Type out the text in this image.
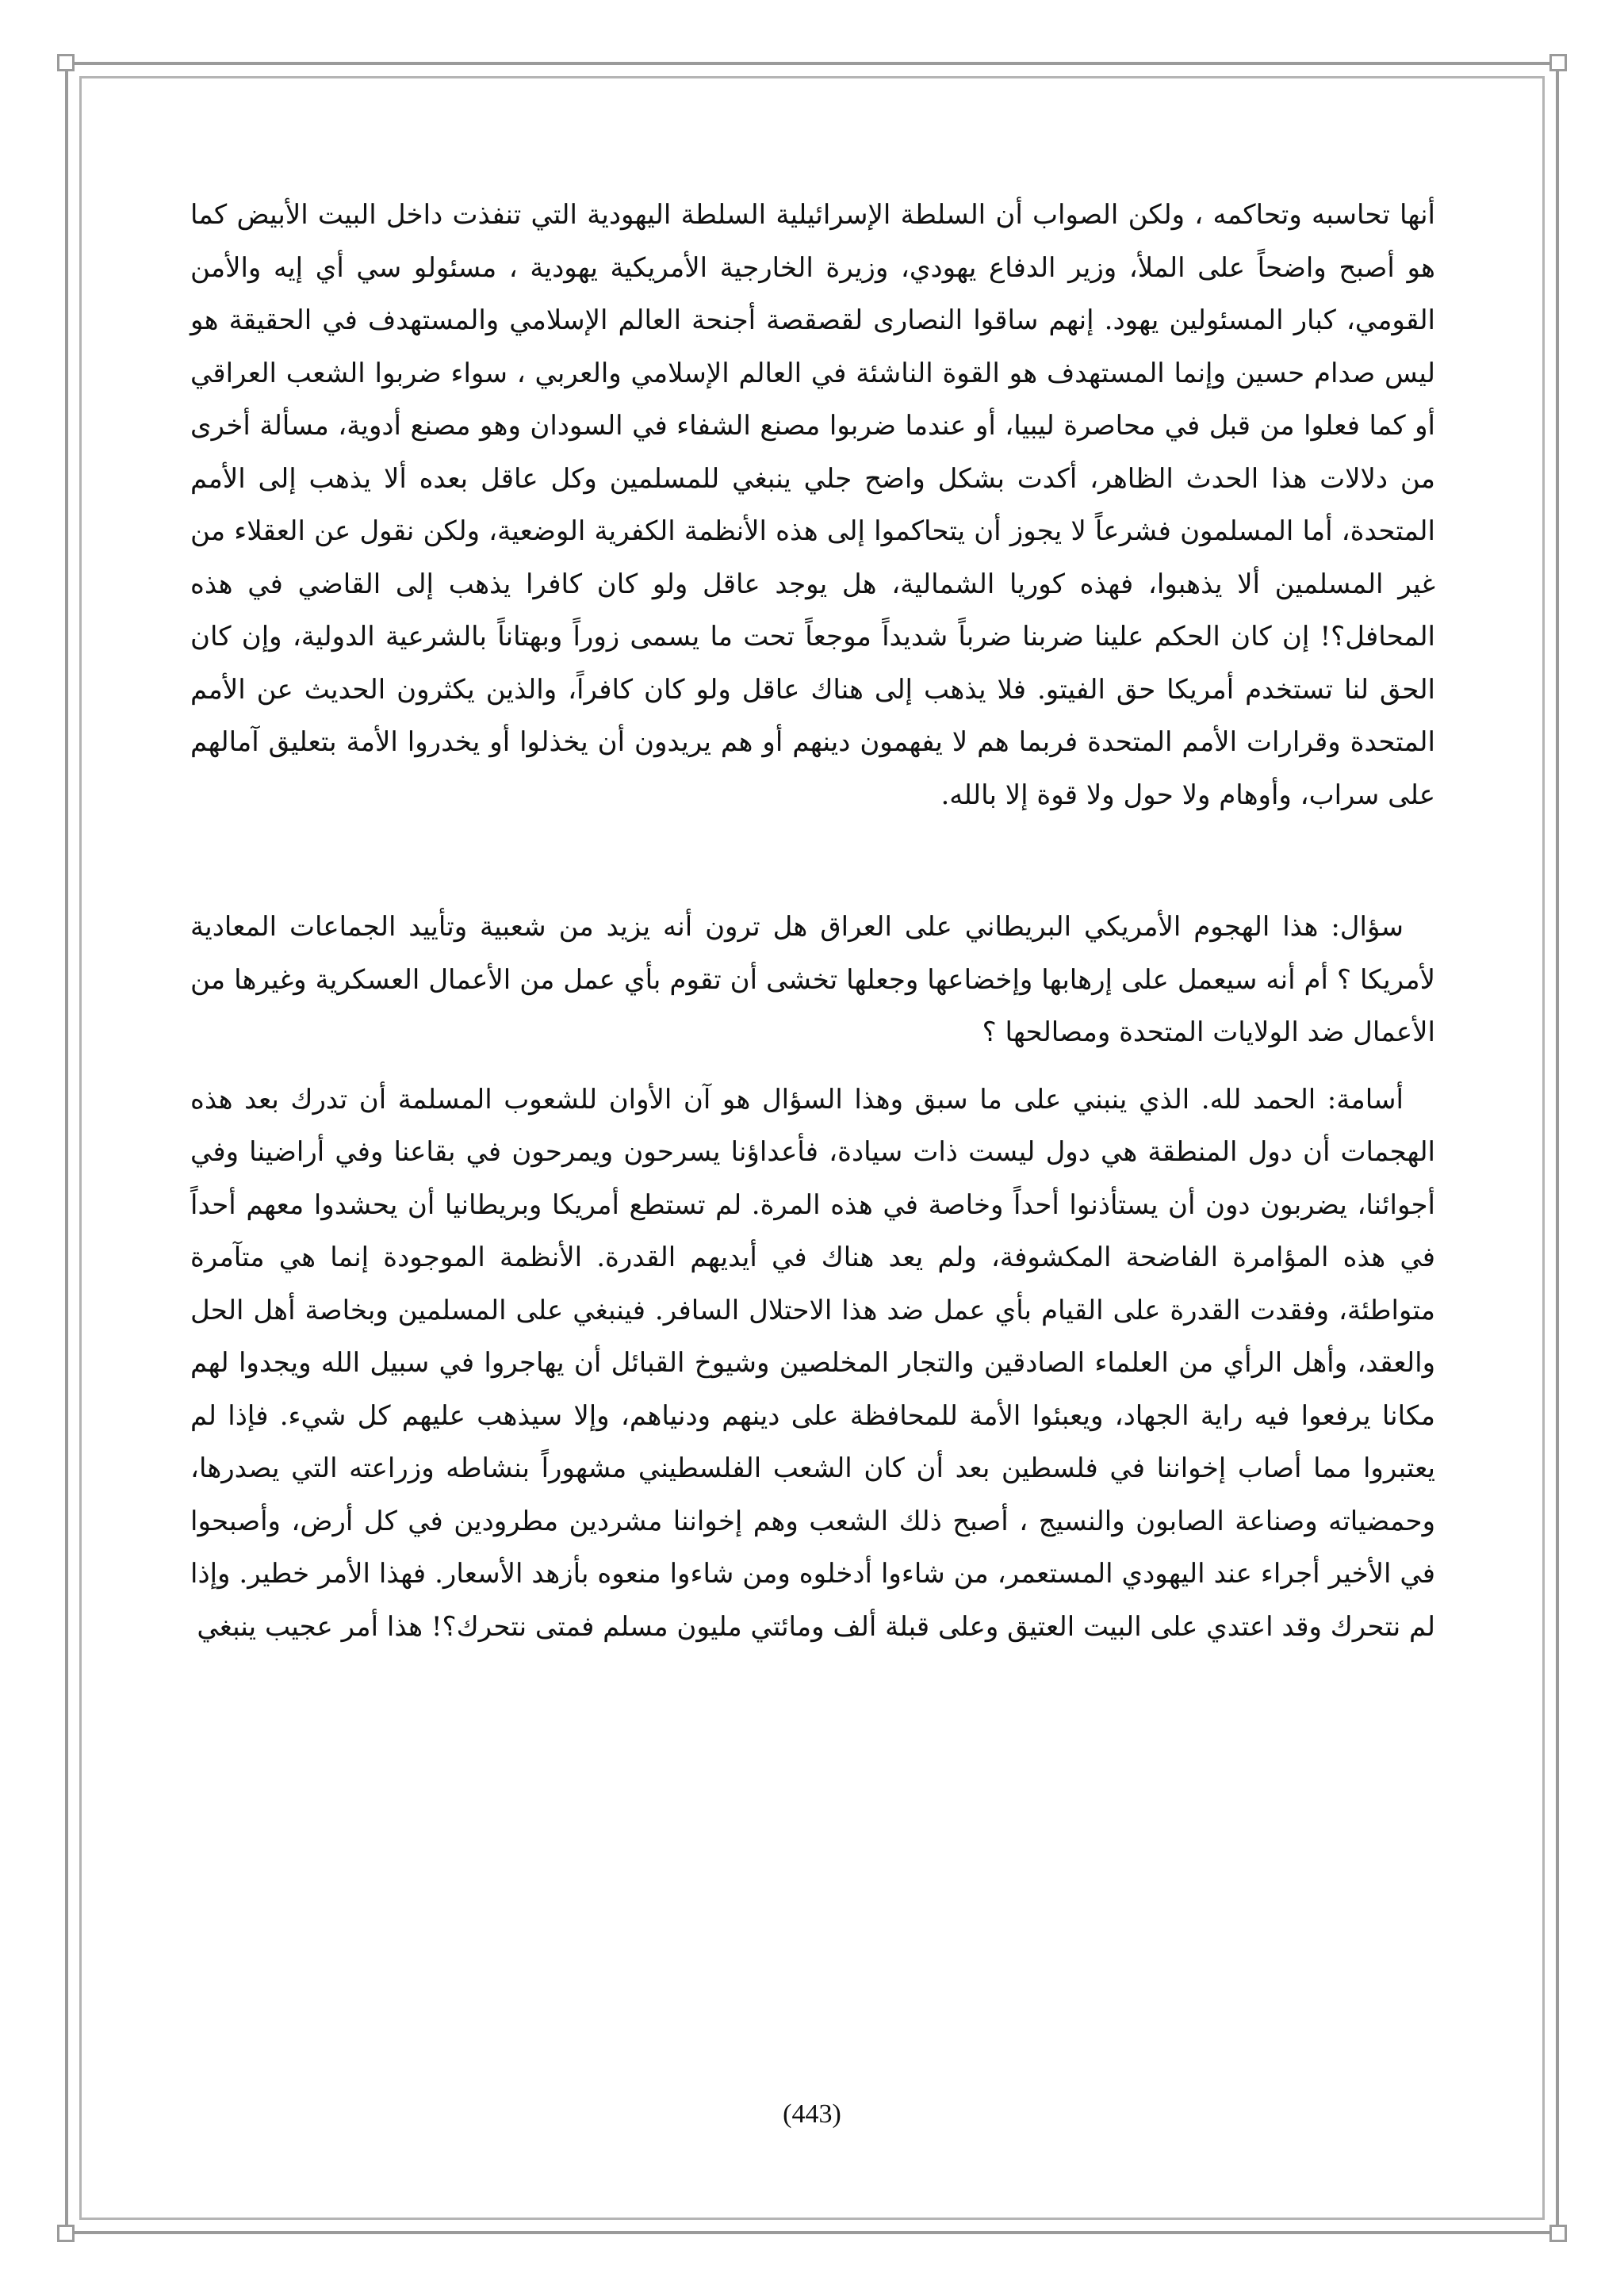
أنها تحاسبه وتحاكمه ، ولكن الصواب أن السلطة الإسرائيلية السلطة اليهودية التي تنفذت داخل البيت الأبيض كما هو أصبح واضحاً على الملأ، وزير الدفاع يهودي، وزيرة الخارجية الأمريكية يهودية ، مسئولو سي أي إيه والأمن القومي، كبار المسئولين يهود. إنهم ساقوا النصارى لقصقصة أجنحة العالم الإسلامي والمستهدف في الحقيقة هو ليس صدام حسين وإنما المستهدف هو القوة الناشئة في العالم الإسلامي والعربي ، سواء ضربوا الشعب العراقي أو كما فعلوا من قبل في محاصرة ليبيا، أو عندما ضربوا مصنع الشفاء في السودان وهو مصنع أدوية، مسألة أخرى من دلالات هذا الحدث الظاهر، أكدت بشكل واضح جلي ينبغي للمسلمين وكل عاقل بعده ألا يذهب إلى الأمم المتحدة، أما المسلمون فشرعاً لا يجوز أن يتحاكموا إلى هذه الأنظمة الكفرية الوضعية، ولكن نقول عن العقلاء من غير المسلمين ألا يذهبوا، فهذه كوريا الشمالية، هل يوجد عاقل ولو كان كافرا يذهب إلى القاضي في هذه المحافل؟! إن كان الحكم علينا ضربنا ضرباً شديداً موجعاً تحت ما يسمى زوراً وبهتاناً بالشرعية الدولية، وإن كان الحق لنا تستخدم أمريكا حق الفيتو. فلا يذهب إلى هناك عاقل ولو كان كافراً، والذين يكثرون الحديث عن الأمم المتحدة وقرارات الأمم المتحدة فربما هم لا يفهمون دينهم أو هم يريدون أن يخذلوا أو يخدروا الأمة بتعليق آمالهم على سراب، وأوهام ولا حول ولا قوة إلا بالله.

سؤال: هذا الهجوم الأمريكي البريطاني على العراق هل ترون أنه يزيد من شعبية وتأييد الجماعات المعادية لأمريكا ؟ أم أنه سيعمل على إرهابها وإخضاعها وجعلها تخشى أن تقوم بأي عمل من الأعمال العسكرية وغيرها من الأعمال ضد الولايات المتحدة ومصالحها ؟

أسامة: الحمد لله. الذي ينبني على ما سبق وهذا السؤال هو آن الأوان للشعوب المسلمة أن تدرك بعد هذه الهجمات أن دول المنطقة هي دول ليست ذات سيادة، فأعداؤنا يسرحون ويمرحون في بقاعنا وفي أراضينا وفي أجوائنا، يضربون دون أن يستأذنوا أحداً وخاصة في هذه المرة. لم تستطع أمريكا وبريطانيا أن يحشدوا معهم أحداً في هذه المؤامرة الفاضحة المكشوفة، ولم يعد هناك في أيديهم القدرة. الأنظمة الموجودة إنما هي متآمرة متواطئة، وفقدت القدرة على القيام بأي عمل ضد هذا الاحتلال السافر. فينبغي على المسلمين وبخاصة أهل الحل والعقد، وأهل الرأي من العلماء الصادقين والتجار المخلصين وشيوخ القبائل أن يهاجروا في سبيل الله ويجدوا لهم مكانا يرفعوا فيه راية الجهاد، ويعبئوا الأمة للمحافظة على دينهم ودنياهم، وإلا سيذهب عليهم كل شيء. فإذا لم يعتبروا مما أصاب إخواننا في فلسطين بعد أن كان الشعب الفلسطيني مشهوراً بنشاطه وزراعته التي يصدرها، وحمضياته وصناعة الصابون والنسيج ، أصبح ذلك الشعب وهم إخواننا مشردين مطرودين في كل أرض، وأصبحوا في الأخير أجراء عند اليهودي المستعمر، من شاءوا أدخلوه ومن شاءوا منعوه بأزهد الأسعار. فهذا الأمر خطير. وإذا لم نتحرك وقد اعتدي على البيت العتيق وعلى قبلة ألف ومائتي مليون مسلم فمتى نتحرك؟! هذا أمر عجيب ينبغي

(443)
